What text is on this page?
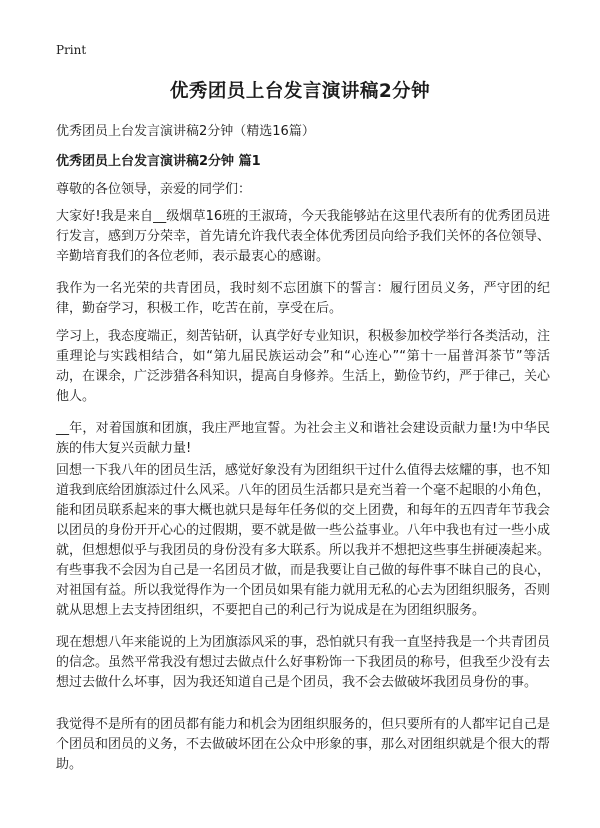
Print
优秀团员上台发言演讲稿2分钟
优秀团员上台发言演讲稿2分钟（精选16篇）
优秀团员上台发言演讲稿2分钟 篇1

尊敬的各位领导，亲爱的同学们：

大家好!我是来自__级烟草16班的王淑琦，今天我能够站在这里代表所有的优秀团员进行发言，感到万分荣幸，首先请允许我代表全体优秀团员向给予我们关怀的各位领导、辛勤培育我们的各位老师，表示最衷心的感谢。

我作为一名光荣的共青团员，我时刻不忘团旗下的誓言：履行团员义务，严守团的纪律，勤奋学习，积极工作，吃苦在前，享受在后。

学习上，我态度端正，刻苦钻研，认真学好专业知识，积极参加校学举行各类活动，注重理论与实践相结合，如“第九届民族运动会”和“心连心”“第十一届普洱茶节”等活动，在课余，广泛涉猎各科知识，提高自身修养。生活上，勤俭节约，严于律己，关心他人。

__年，对着国旗和团旗，我庄严地宣誓。为社会主义和谐社会建设贡献力量!为中华民族的伟大复兴贡献力量!

回想一下我八年的团员生活，感觉好象没有为团组织干过什么值得去炫耀的事，也不知道我到底给团旗添过什么风采。八年的团员生活都只是充当着一个毫不起眼的小角色，能和团员联系起来的事大概也就只是每年任务似的交上团费，和每年的五四青年节我会以团员的身份开开心心的过假期，要不就是做一些公益事业。八年中我也有过一些小成就，但想想似乎与我团员的身份没有多大联系。所以我并不想把这些事生拼硬凑起来。有些事我不会因为自己是一名团员才做，而是我要让自己做的每件事不昧自己的良心，对祖国有益。所以我觉得作为一个团员如果有能力就用无私的心去为团组织服务，否则就从思想上去支持团组织，不要把自己的利己行为说成是在为团组织服务。

现在想想八年来能说的上为团旗添风采的事，恐怕就只有我一直坚持我是一个共青团员的信念。虽然平常我没有想过去做点什么好事粉饰一下我团员的称号，但我至少没有去想过去做什么坏事，因为我还知道自己是个团员，我不会去做破坏我团员身份的事。

我觉得不是所有的团员都有能力和机会为团组织服务的，但只要所有的人都牢记自己是个团员和团员的义务，不去做破坏团在公众中形象的事，那么对团组织就是个很大的帮助。
